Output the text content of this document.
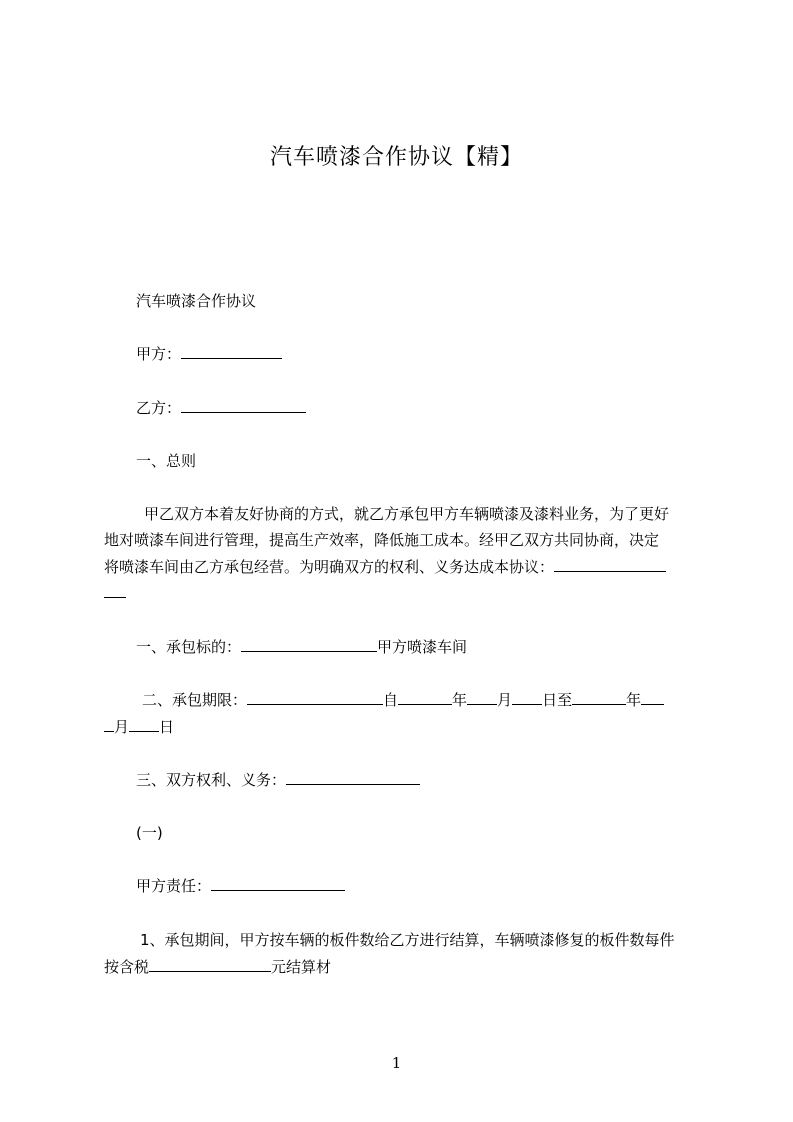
汽车喷漆合作协议【精】
汽车喷漆合作协议
甲方：
乙方：
一、总则
甲乙双方本着友好协商的方式，就乙方承包甲方车辆喷漆及漆料业务，为了更好
地对喷漆车间进行管理，提高生产效率，降低施工成本。经甲乙双方共同协商，决定
将喷漆车间由乙方承包经营。为明确双方的权利、义务达成本协议：
一、承包标的：	甲方喷漆车间
二、承包期限：	自	年 月 日至	年
月 日
三、双方权利、义务：
(一)
甲方责任：
1、承包期间，甲方按车辆的板件数给乙方进行结算，车辆喷漆修复的板件数每件
按含税	元结算材
1
